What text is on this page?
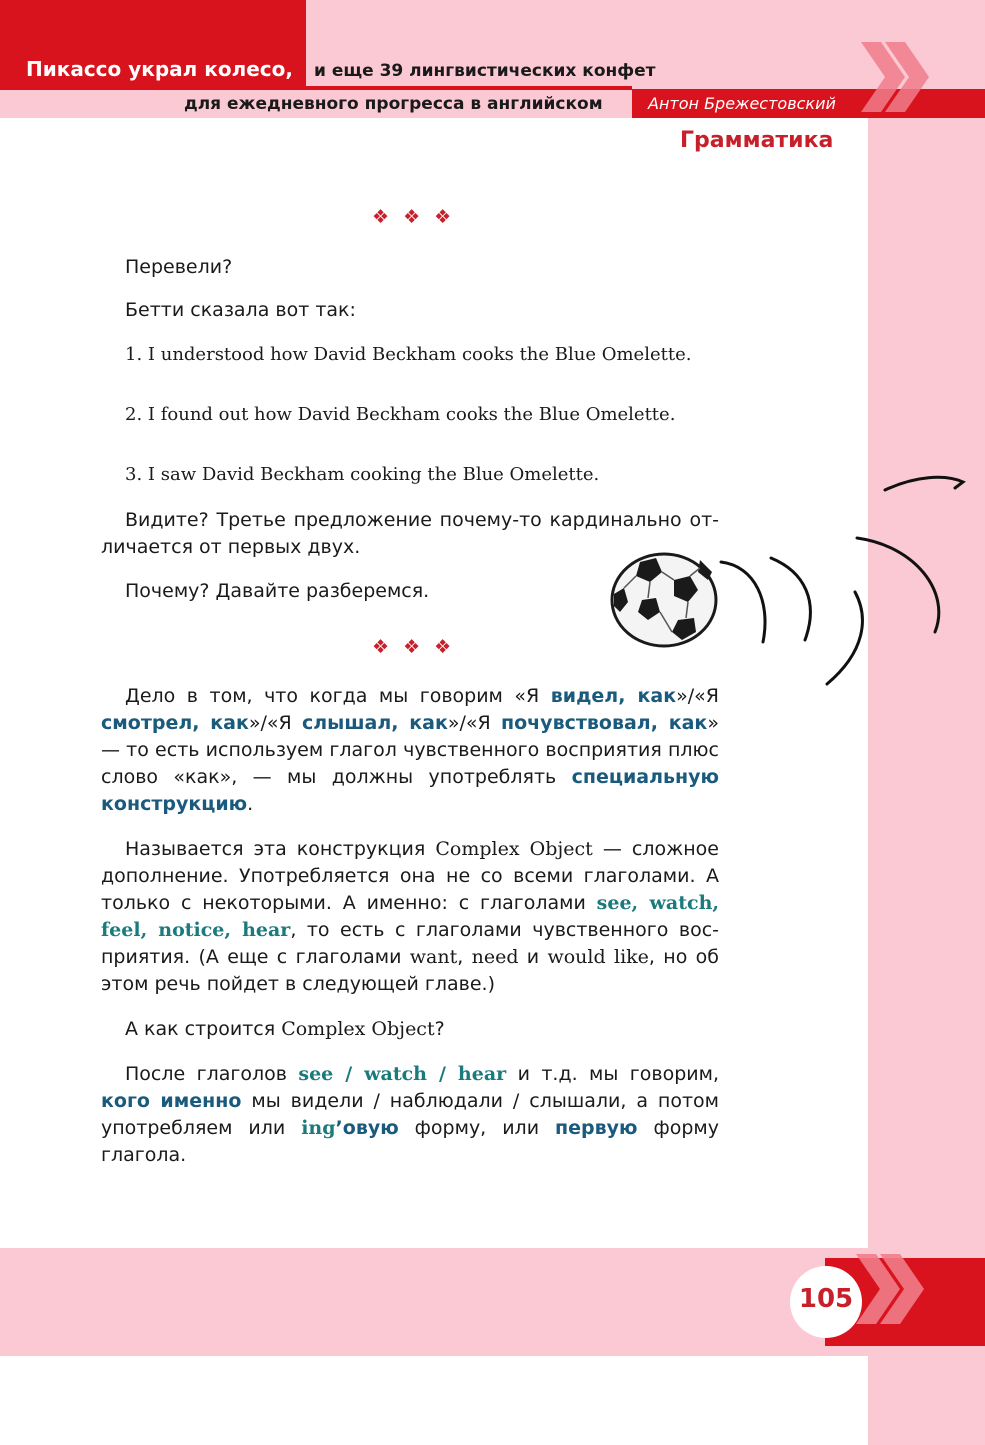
Пикассо украл колесо, и еще 39 лингвистических конфет
для ежедневного прогресса в английском	Антон Брежестовский
Грамматика
❖ ❖ ❖
Перевели?
Бетти сказала вот так:
1. I understood how David Beckham cooks the Blue Omelette.
2. I found out how David Beckham cooks the Blue Omelette.
3. I saw David Beckham cooking the Blue Omelette.
Видите? Третье предложение почему-то кардинально отличается от первых двух.
Почему? Давайте разберемся.
❖ ❖ ❖
Дело в том, что когда мы говорим «Я видел, как»/«Я смотрел, как»/«Я слышал, как»/«Я почувствовал, как» — то есть используем глагол чувственного восприятия плюс слово «как», — мы должны употреблять специальную конструкцию.
Называется эта конструкция Complex Object — сложное дополнение. Употребляется она не со всеми глаголами. А только с некоторыми. А именно: с глаголами see, watch, feel, notice, hear, то есть с глаголами чувственного восприятия. (А еще с глаголами want, need и would like, но об этом речь пойдет в следующей главе.)
А как строится Complex Object?
После глаголов see / watch / hear и т.д. мы говорим, кого именно мы видели / наблюдали / слышали, а потом употребляем или ing’овую форму, или первую форму глагола.
105
